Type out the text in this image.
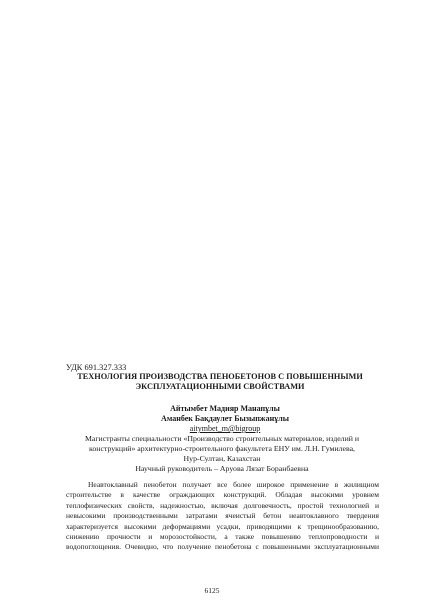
УДК 691.327.333
ТЕХНОЛОГИЯ ПРОИЗВОДСТВА ПЕНОБЕТОНОВ С ПОВЫШЕННЫМИ
ЭКСПЛУАТАЦИОННЫМИ СВОЙСТВАМИ
Айтымбет Мадияр Манапұлы
Аманбек Бақдаулет Бызыпжанұлы
aitymbet_m@bigroup
Магистранты специальности «Производство строительных материалов, изделий и
конструкций» архитектурно-строительного факультета ЕНУ им. Л.Н. Гумилева,
Нур-Султан, Казахстан
Научный руководитель – Аруова Лязат Боранбаевна
Неавтоклавный пенобетон получает все более широкое применение в жилищном
строительстве в качестве ограждающих конструкций. Обладая высокими уровнем
теплофизических свойств, надежностью, включая долговечность, простой технологией и
невысокими производственными затратами ячеистый бетон неавтоклавного твердения
характеризуется высокими деформациями усадки, приводящими к трещинообразованию,
снижению прочности и морозостойкости, а также повышению теплопроводности и
водопоглощения. Очевидно, что получение пенобетона с повышенными эксплуатационными
6125
